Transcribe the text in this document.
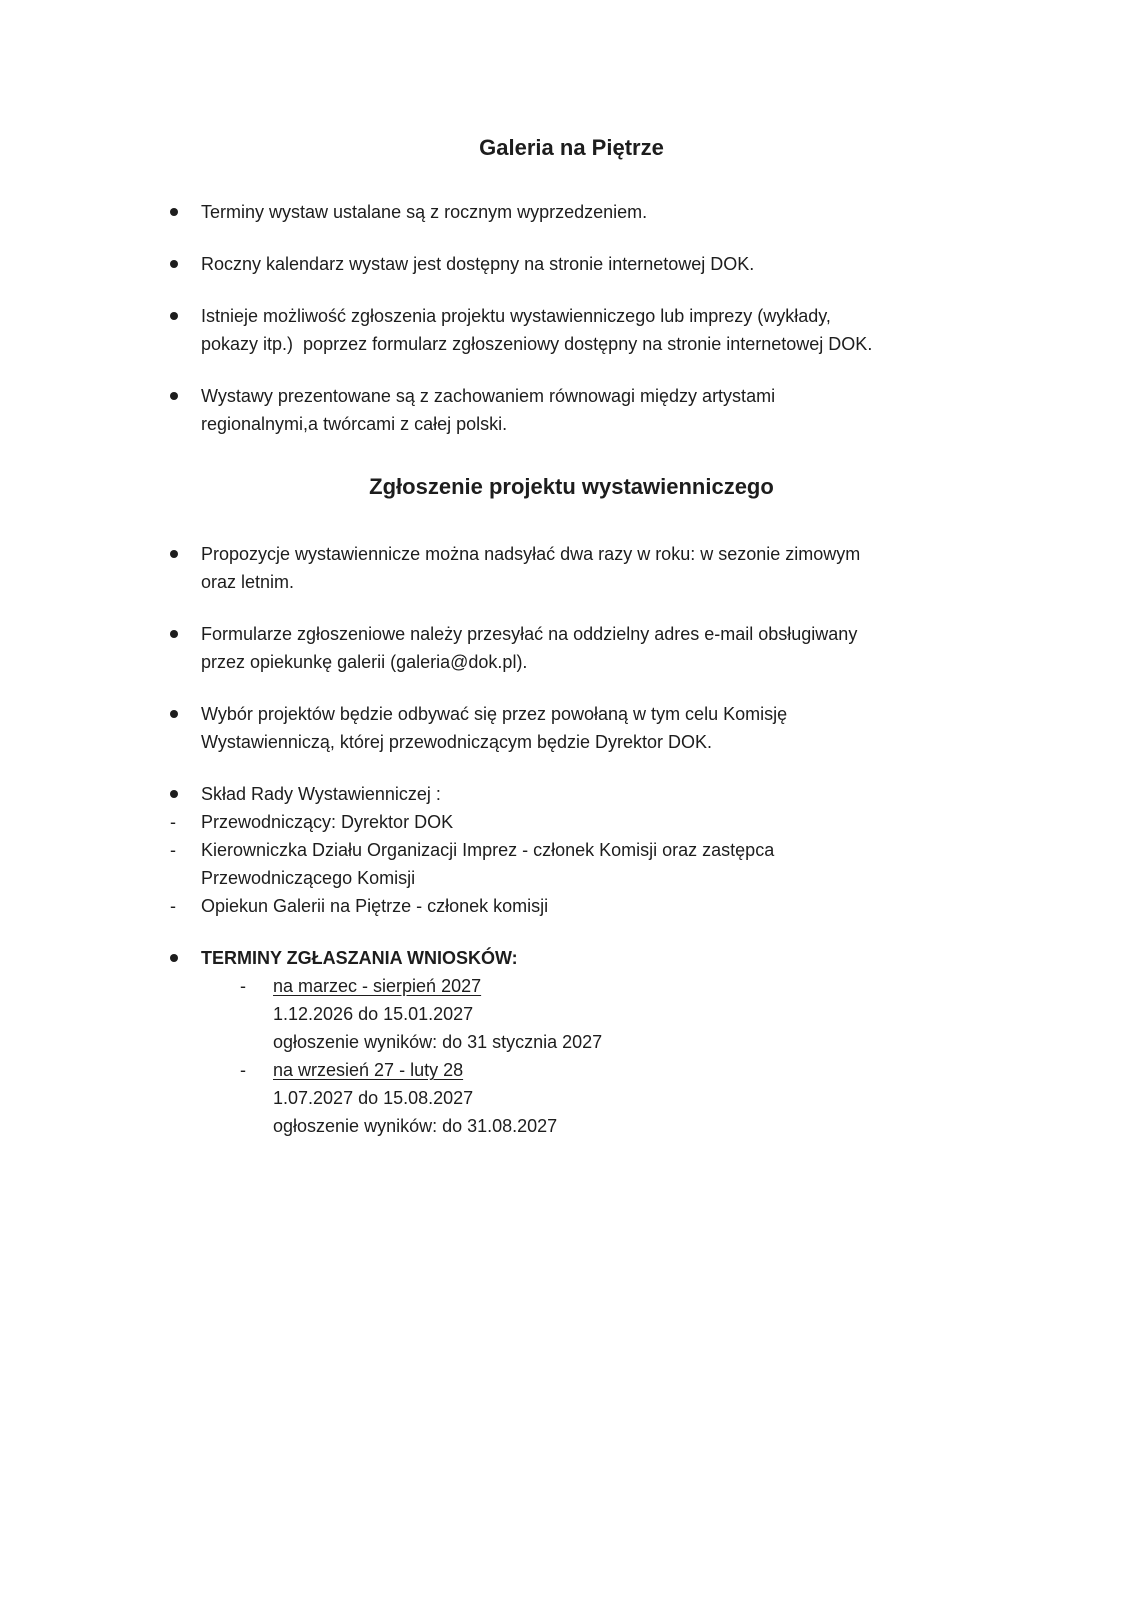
Galeria na Piętrze
Terminy wystaw ustalane są z rocznym wyprzedzeniem.
Roczny kalendarz wystaw jest dostępny na stronie internetowej DOK.
Istnieje możliwość zgłoszenia projektu wystawienniczego lub imprezy (wykłady,
pokazy itp.)  poprzez formularz zgłoszeniowy dostępny na stronie internetowej DOK.
Wystawy prezentowane są z zachowaniem równowagi między artystami
regionalnymi,a twórcami z całej polski.
Zgłoszenie projektu wystawienniczego
Propozycje wystawiennicze można nadsyłać dwa razy w roku: w sezonie zimowym
oraz letnim.
Formularze zgłoszeniowe należy przesyłać na oddzielny adres e-mail obsługiwany
przez opiekunkę galerii (galeria@dok.pl).
Wybór projektów będzie odbywać się przez powołaną w tym celu Komisję
Wystawienniczą, której przewodniczącym będzie Dyrektor DOK.
Skład Rady Wystawienniczej :
- Przewodniczący: Dyrektor DOK
- Kierowniczka Działu Organizacji Imprez - członek Komisji oraz zastępca
Przewodniczącego Komisji
- Opiekun Galerii na Piętrze - członek komisji
TERMINY ZGŁASZANIA WNIOSKÓW:
- na marzec - sierpień 2027
1.12.2026 do 15.01.2027
ogłoszenie wyników: do 31 stycznia 2027
- na wrzesień 27 - luty 28
1.07.2027 do 15.08.2027
ogłoszenie wyników: do 31.08.2027
